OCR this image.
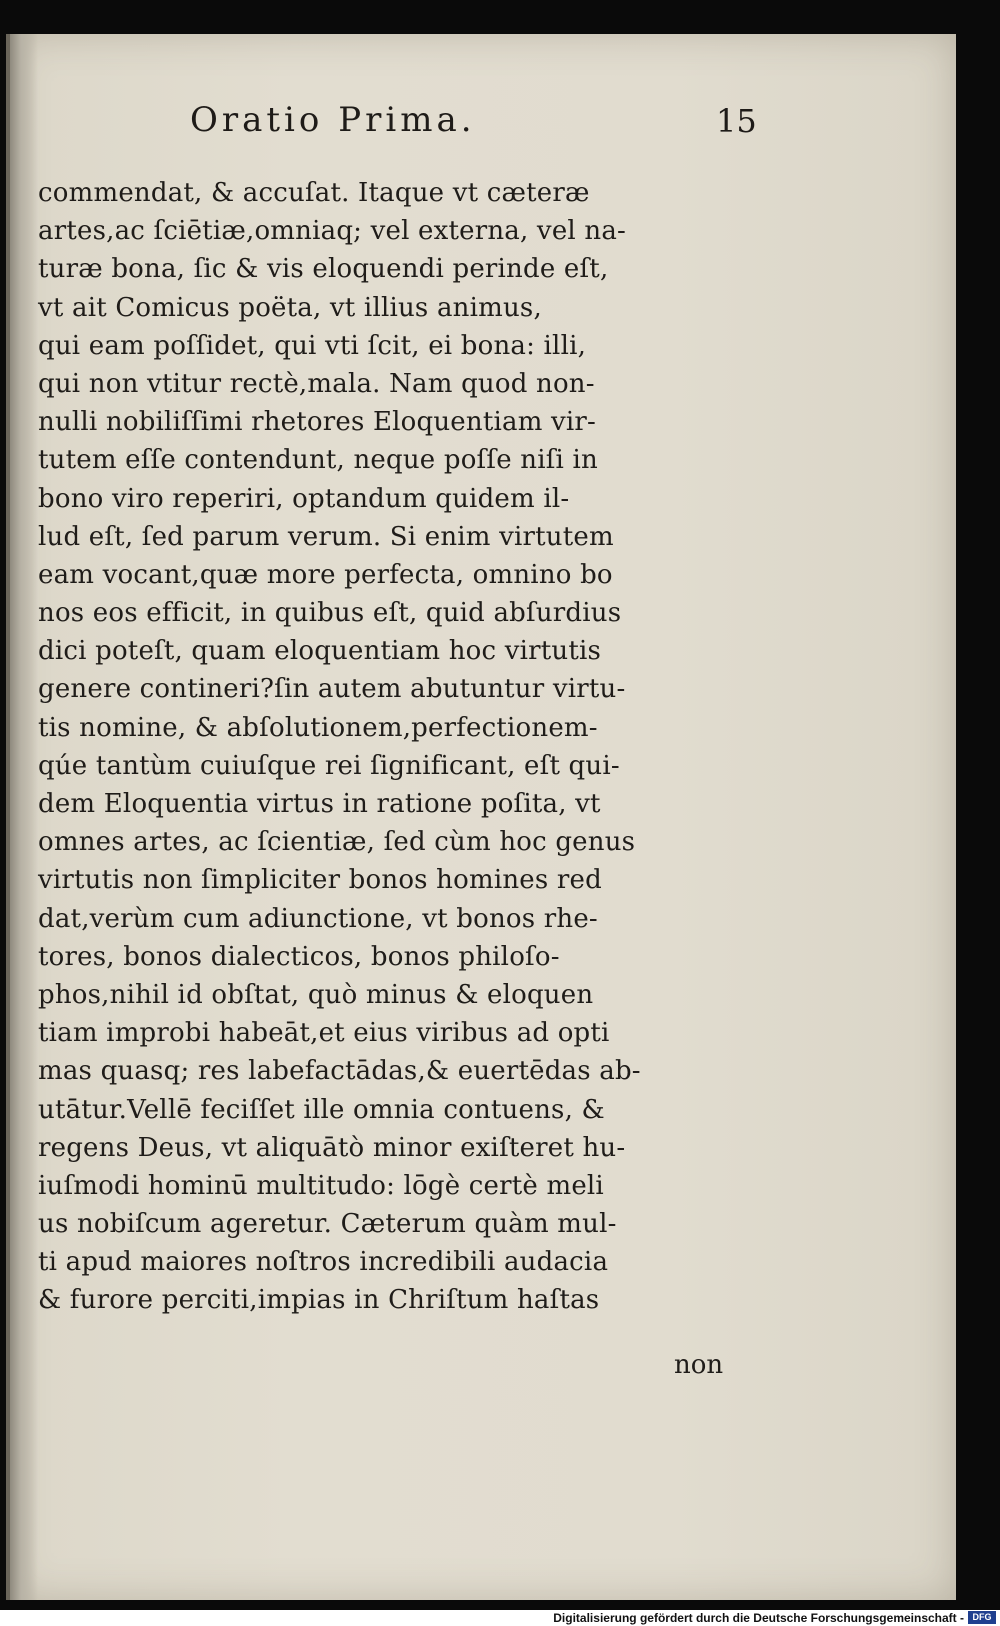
Oratio Prima.	15
commendat, & accuſat. Itaque vt cæteræ
artes,ac ſciētiæ,omniaq; vel externa, vel na-
turæ bona, ſic & vis eloquendi perinde eſt,
vt ait Comicus poëta, vt illius animus,
qui eam poſſidet, qui vti ſcit, ei bona: illi,
qui non vtitur rectè,mala. Nam quod non-
nulli nobiliſſimi rhetores Eloquentiam vir-
tutem eſſe contendunt, neque poſſe niſi in
bono viro reperiri, optandum quidem il-
lud eſt, ſed parum verum. Si enim virtutem
eam vocant,quæ more perfecta, omnino bo
nos eos efficit, in quibus eſt, quid abſurdius
dici poteſt, quam eloquentiam hoc virtutis
genere contineri?ſin autem abutuntur virtu-
tis nomine, & abſolutionem,perfectionem-
qúe tantùm cuiuſque rei ſignificant, eſt qui-
dem Eloquentia virtus in ratione poſita, vt
omnes artes, ac ſcientiæ, ſed cùm hoc genus
virtutis non ſimpliciter bonos homines red
dat,verùm cum adiunctione, vt bonos rhe-
tores, bonos dialecticos, bonos philoſo-
phos,nihil id obſtat, quò minus & eloquen
tiam improbi habeāt,et eius viribus ad opti
mas quasq; res labefactādas,& euertēdas ab-
utātur.Vellē feciſſet ille omnia contuens, &
regens Deus, vt aliquātò minor exiſteret hu-
iuſmodi hominū multitudo: lōgè certè meli
us nobiſcum ageretur. Cæterum quàm mul-
ti apud maiores noſtros incredibili audacia
& furore perciti,impias in Chriſtum haſtas
non
Digitalisierung gefördert durch die Deutsche Forschungsgemeinschaft - DFG
